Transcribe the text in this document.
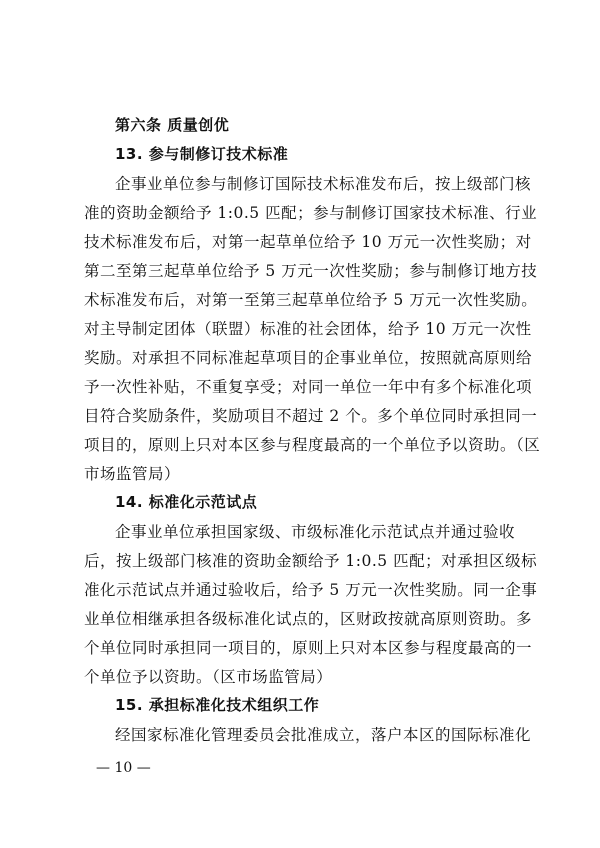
第六条 质量创优
13. 参与制修订技术标准
企事业单位参与制修订国际技术标准发布后，按上级部门核
准的资助金额给予 1:0.5 匹配；参与制修订国家技术标准、行业
技术标准发布后，对第一起草单位给予 10 万元一次性奖励；对
第二至第三起草单位给予 5 万元一次性奖励；参与制修订地方技
术标准发布后，对第一至第三起草单位给予 5 万元一次性奖励。
对主导制定团体（联盟）标准的社会团体，给予 10 万元一次性
奖励。对承担不同标准起草项目的企事业单位，按照就高原则给
予一次性补贴，不重复享受；对同一单位一年中有多个标准化项
目符合奖励条件，奖励项目不超过 2 个。多个单位同时承担同一
项目的，原则上只对本区参与程度最高的一个单位予以资助。（区
市场监管局）
14. 标准化示范试点
企事业单位承担国家级、市级标准化示范试点并通过验收
后，按上级部门核准的资助金额给予 1:0.5 匹配；对承担区级标
准化示范试点并通过验收后，给予 5 万元一次性奖励。同一企事
业单位相继承担各级标准化试点的，区财政按就高原则资助。多
个单位同时承担同一项目的，原则上只对本区参与程度最高的一
个单位予以资助。（区市场监管局）
15. 承担标准化技术组织工作
经国家标准化管理委员会批准成立，落户本区的国际标准化
— 10 —
